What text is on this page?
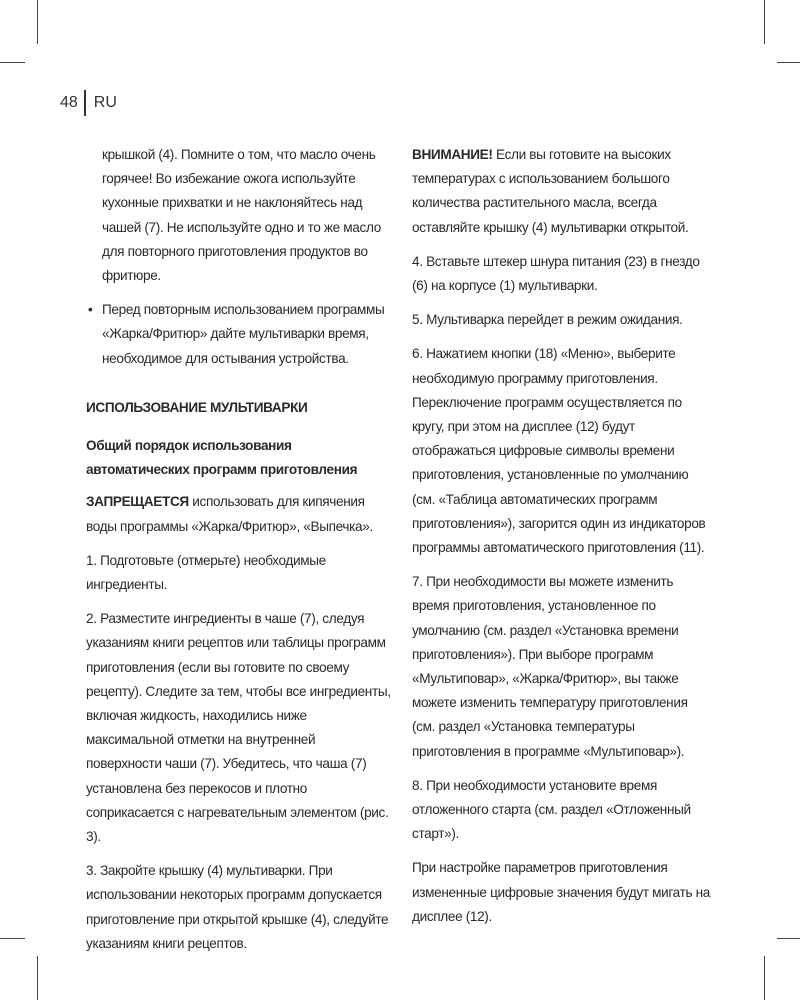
48 RU

крышкой (4). Помните о том, что масло очень горячее! Во избежание ожога используйте кухонные прихватки и не наклоняйтесь над чашей (7). Не используйте одно и то же масло для повторного приготовления продуктов во фритюре.

• Перед повторным использованием программы «Жарка/Фритюр» дайте мультиварки время, необходимое для остывания устройства.

ИСПОЛЬЗОВАНИЕ МУЛЬТИВАРКИ

Общий порядок использования автоматических программ приготовления

ЗАПРЕЩАЕТСЯ использовать для кипячения воды программы «Жарка/Фритюр», «Выпечка».

1. Подготовьте (отмерьте) необходимые ингредиенты.

2. Разместите ингредиенты в чаше (7), следуя указаниям книги рецептов или таблицы программ приготовления (если вы готовите по своему рецепту). Следите за тем, чтобы все ингредиенты, включая жидкость, находились ниже максимальной отметки на внутренней поверхности чаши (7). Убедитесь, что чаша (7) установлена без перекосов и плотно соприкасается с нагревательным элементом (рис. 3).

3. Закройте крышку (4) мультиварки. При использовании некоторых программ допускается приготовление при открытой крышке (4), следуйте указаниям книги рецептов.

ВНИМАНИЕ! Если вы готовите на высоких температурах с использованием большого количества растительного масла, всегда оставляйте крышку (4) мультиварки открытой.

4. Вставьте штекер шнура питания (23) в гнездо (6) на корпусе (1) мультиварки.

5. Мультиварка перейдет в режим ожидания.

6. Нажатием кнопки (18) «Меню», выберите необходимую программу приготовления. Переключение программ осуществляется по кругу, при этом на дисплее (12) будут отображаться цифровые символы времени приготовления, установленные по умолчанию (см. «Таблица автоматических программ приготовления»), загорится один из индикаторов программы автоматического приготовления (11).

7. При необходимости вы можете изменить время приготовления, установленное по умолчанию (см. раздел «Установка времени приготовления»). При выборе программ «Мультиповар», «Жарка/Фритюр», вы также можете изменить температуру приготовления (см. раздел «Установка температуры приготовления в программе «Мультиповар»).

8. При необходимости установите время отложенного старта (см. раздел «Отложенный старт»).

При настройке параметров приготовления измененные цифровые значения будут мигать на дисплее (12).
